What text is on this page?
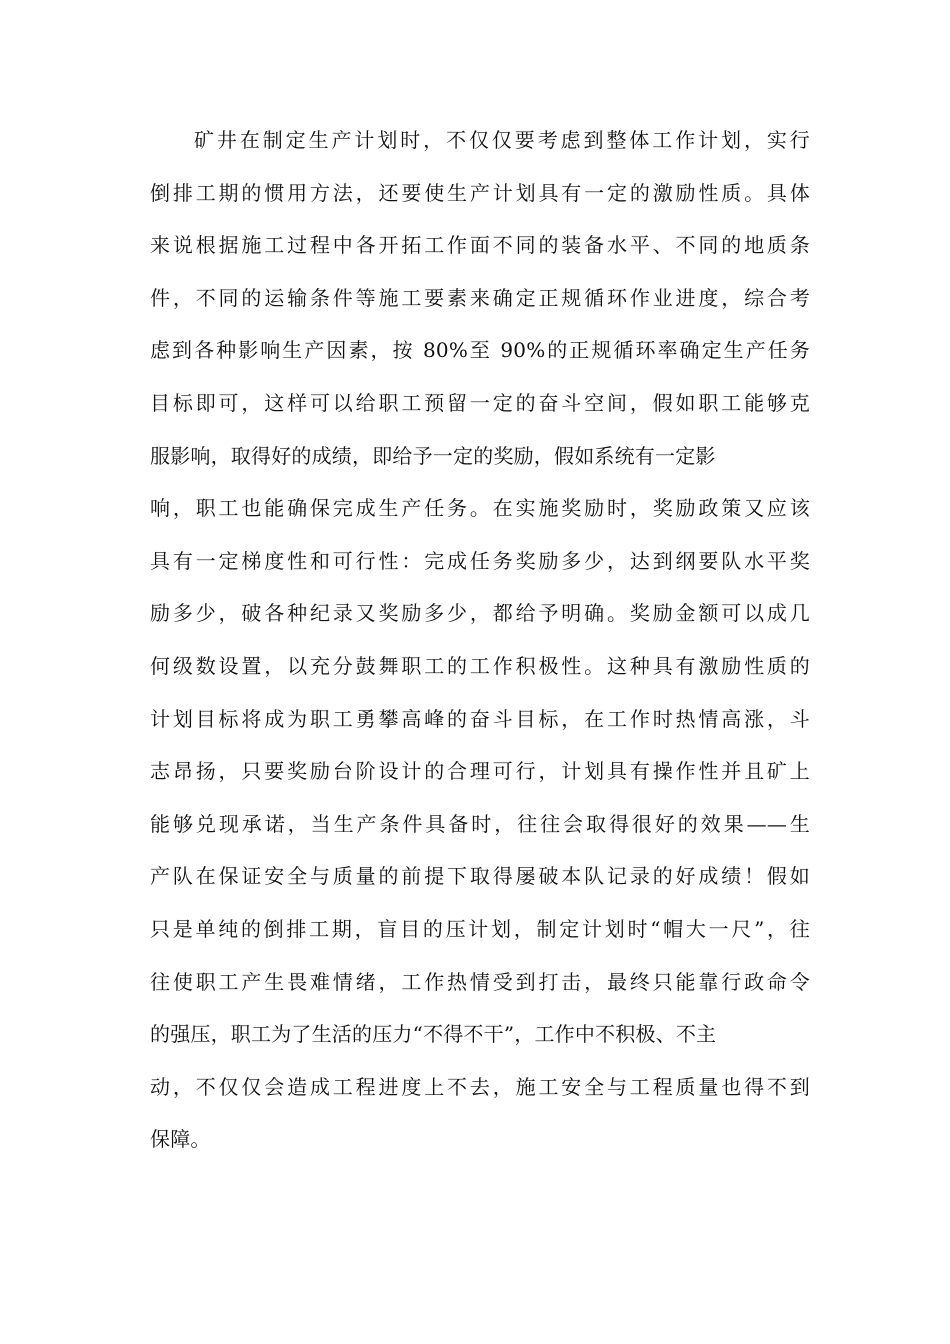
矿井在制定生产计划时，不仅仅要考虑到整体工作计划，实行
倒排工期的惯用方法，还要使生产计划具有一定的激励性质。具体
来说根据施工过程中各开拓工作面不同的装备水平、不同的地质条
件，不同的运输条件等施工要素来确定正规循环作业进度，综合考
虑到各种影响生产因素，按 80%至 90%的正规循环率确定生产任务
目标即可，这样可以给职工预留一定的奋斗空间，假如职工能够克
服影响，取得好的成绩，即给予一定的奖励，假如系统有一定影
响，职工也能确保完成生产任务。在实施奖励时，奖励政策又应该
具有一定梯度性和可行性：完成任务奖励多少，达到纲要队水平奖
励多少，破各种纪录又奖励多少，都给予明确。奖励金额可以成几
何级数设置，以充分鼓舞职工的工作积极性。这种具有激励性质的
计划目标将成为职工勇攀高峰的奋斗目标，在工作时热情高涨，斗
志昂扬，只要奖励台阶设计的合理可行，计划具有操作性并且矿上
能够兑现承诺，当生产条件具备时，往往会取得很好的效果——生
产队在保证安全与质量的前提下取得屡破本队记录的好成绩！假如
只是单纯的倒排工期，盲目的压计划，制定计划时“帽大一尺”，往
往使职工产生畏难情绪，工作热情受到打击，最终只能靠行政命令
的强压，职工为了生活的压力“不得不干”，工作中不积极、不主
动，不仅仅会造成工程进度上不去，施工安全与工程质量也得不到
保障。
